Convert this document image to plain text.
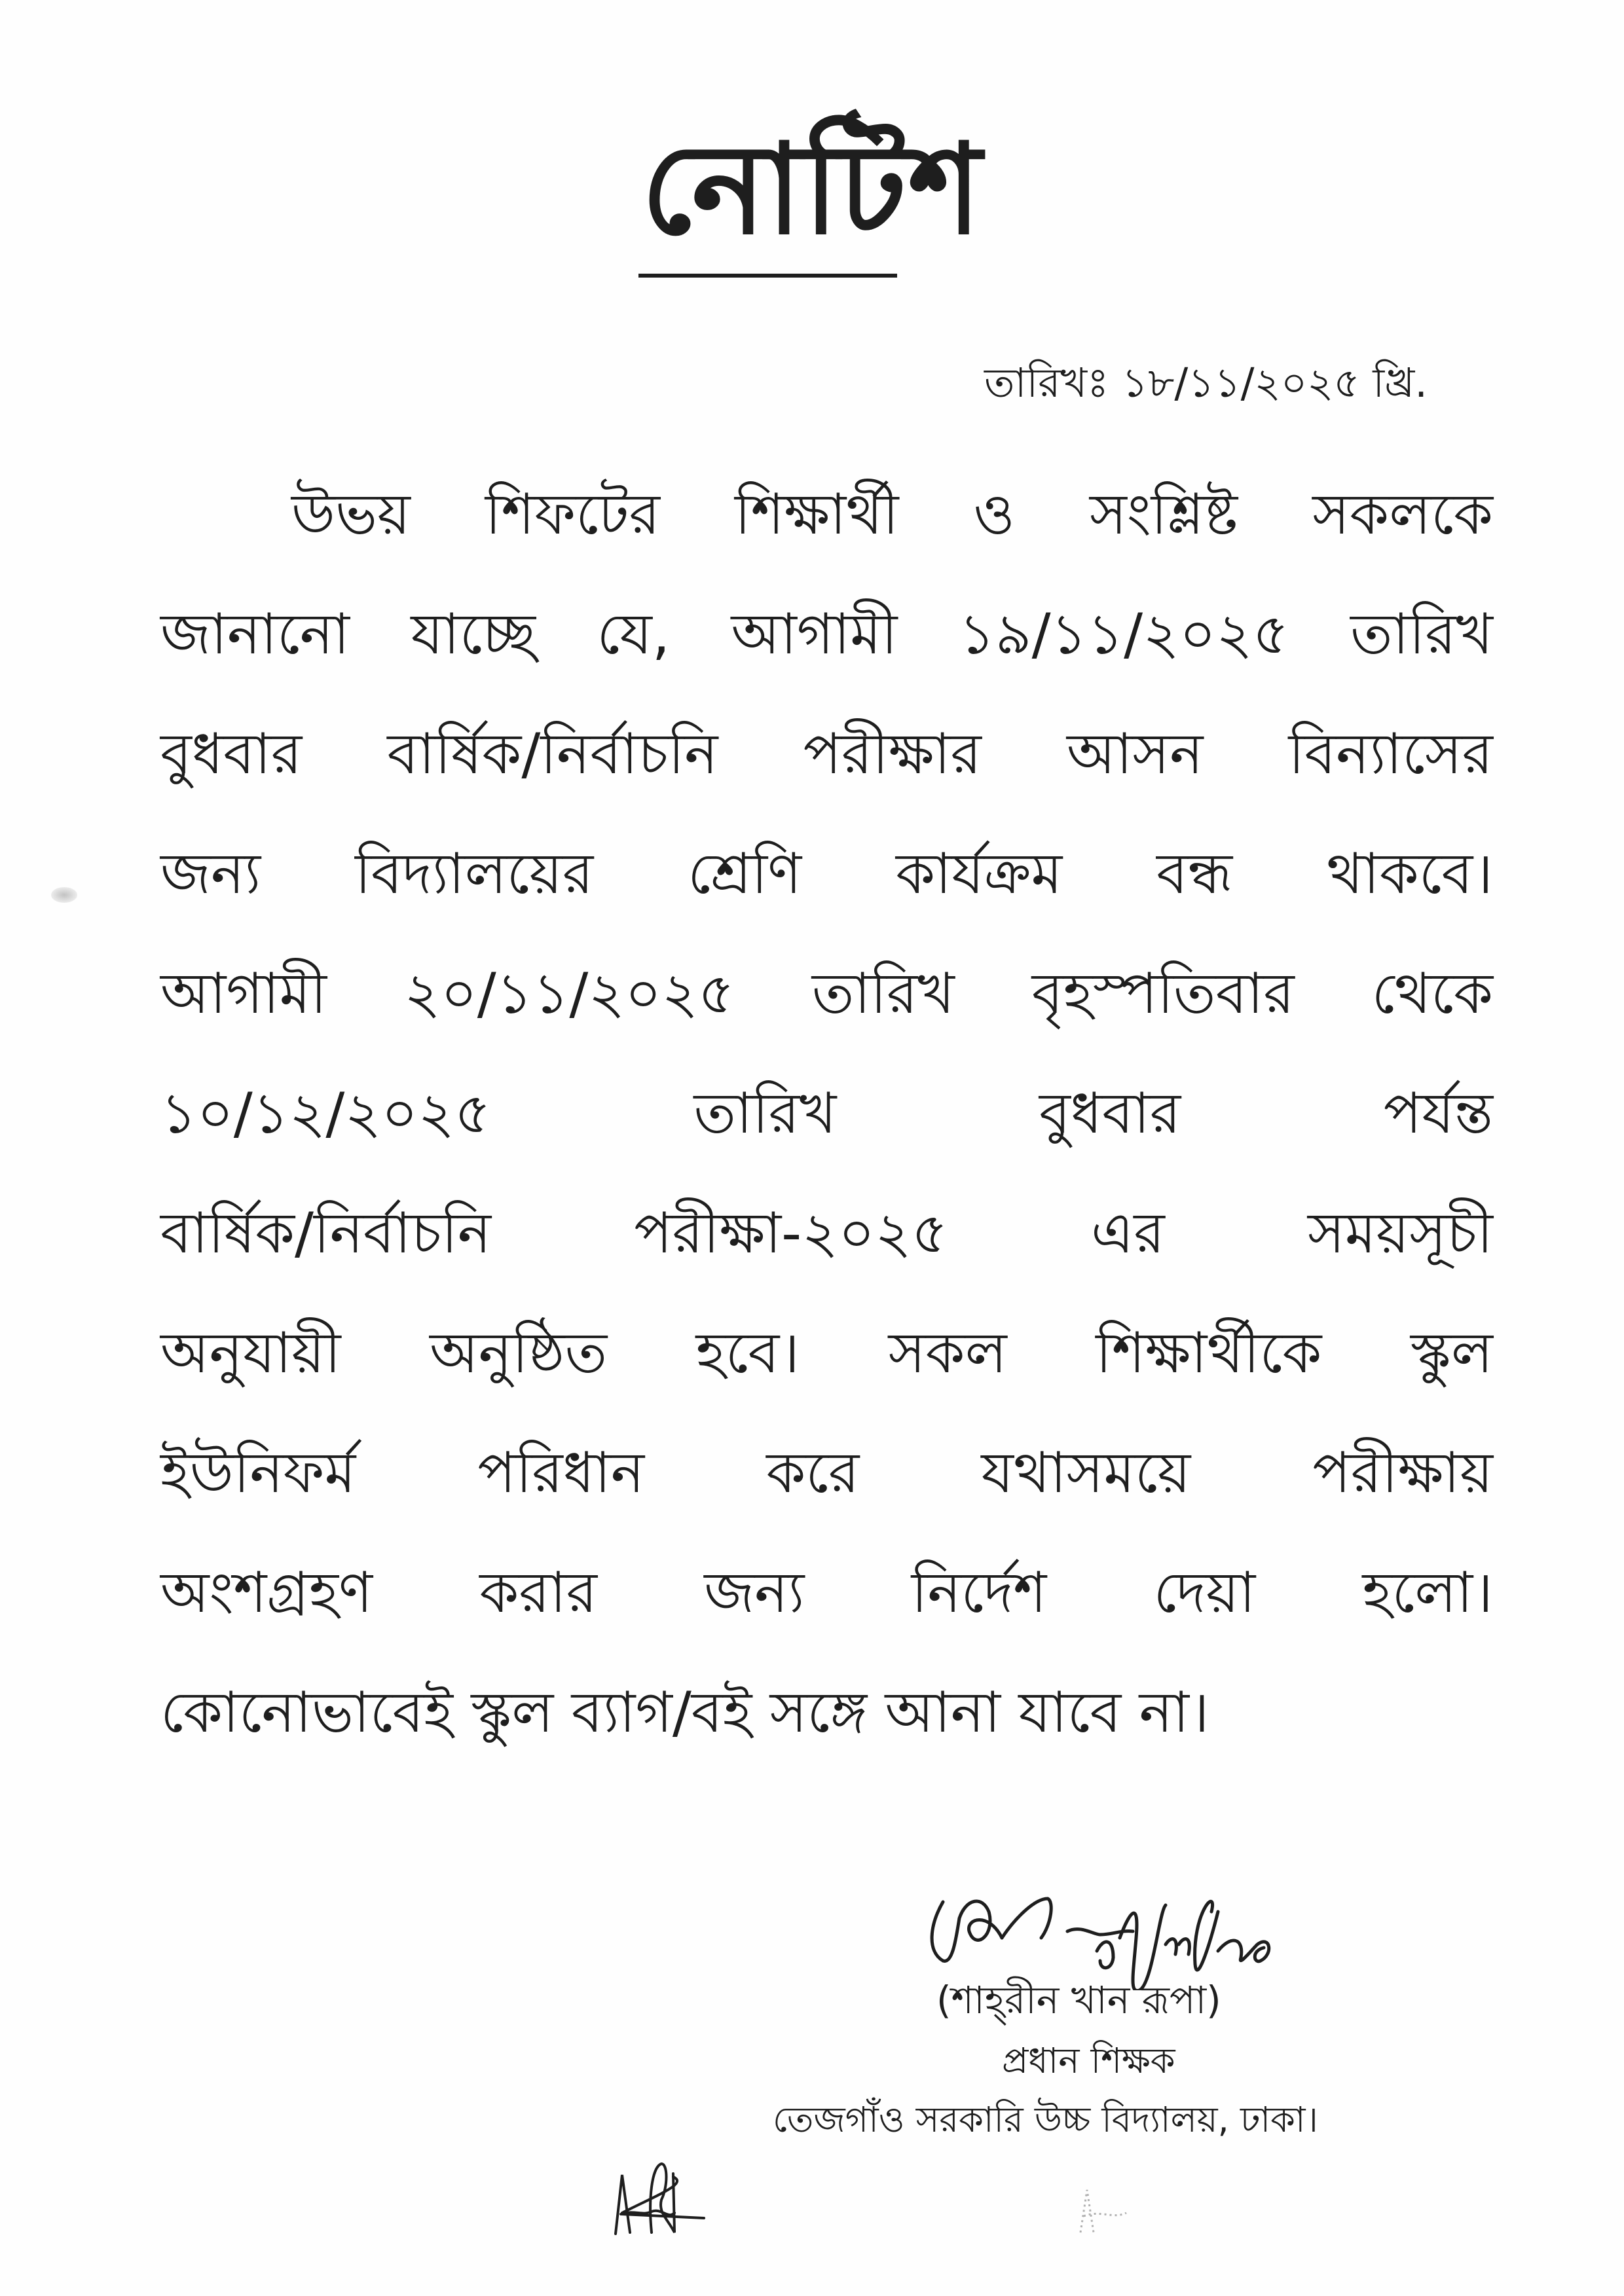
নোটিশ
তারিখঃ ১৮/১১/২০২৫ খ্রি.
উভয় শিফটের শিক্ষার্থী ও সংশ্লিষ্ট সকলকে
জানানো যাচ্ছে যে, আগামী ১৯/১১/২০২৫ তারিখ
বুধবার বার্ষিক/নির্বাচনি পরীক্ষার আসন বিন্যাসের
জন্য বিদ্যালয়ের শ্রেণি কার্যক্রম বন্ধ থাকবে।
আগামী ২০/১১/২০২৫ তারিখ বৃহস্পতিবার থেকে
১০/১২/২০২৫ তারিখ বুধবার পর্যন্ত
বার্ষিক/নির্বাচনি পরীক্ষা-২০২৫ এর সময়সূচী
অনুযায়ী অনুষ্ঠিত হবে। সকল শিক্ষার্থীকে স্কুল
ইউনিফর্ম পরিধান করে যথাসময়ে পরীক্ষায়
অংশগ্রহণ করার জন্য নির্দেশ দেয়া হলো।
কোনোভাবেই স্কুল ব্যাগ/বই সঙ্গে আনা যাবে না।
(শাহ্‌রীন খান রূপা)
প্রধান শিক্ষক
তেজগাঁও সরকারি উচ্চ বিদ্যালয়, ঢাকা।
